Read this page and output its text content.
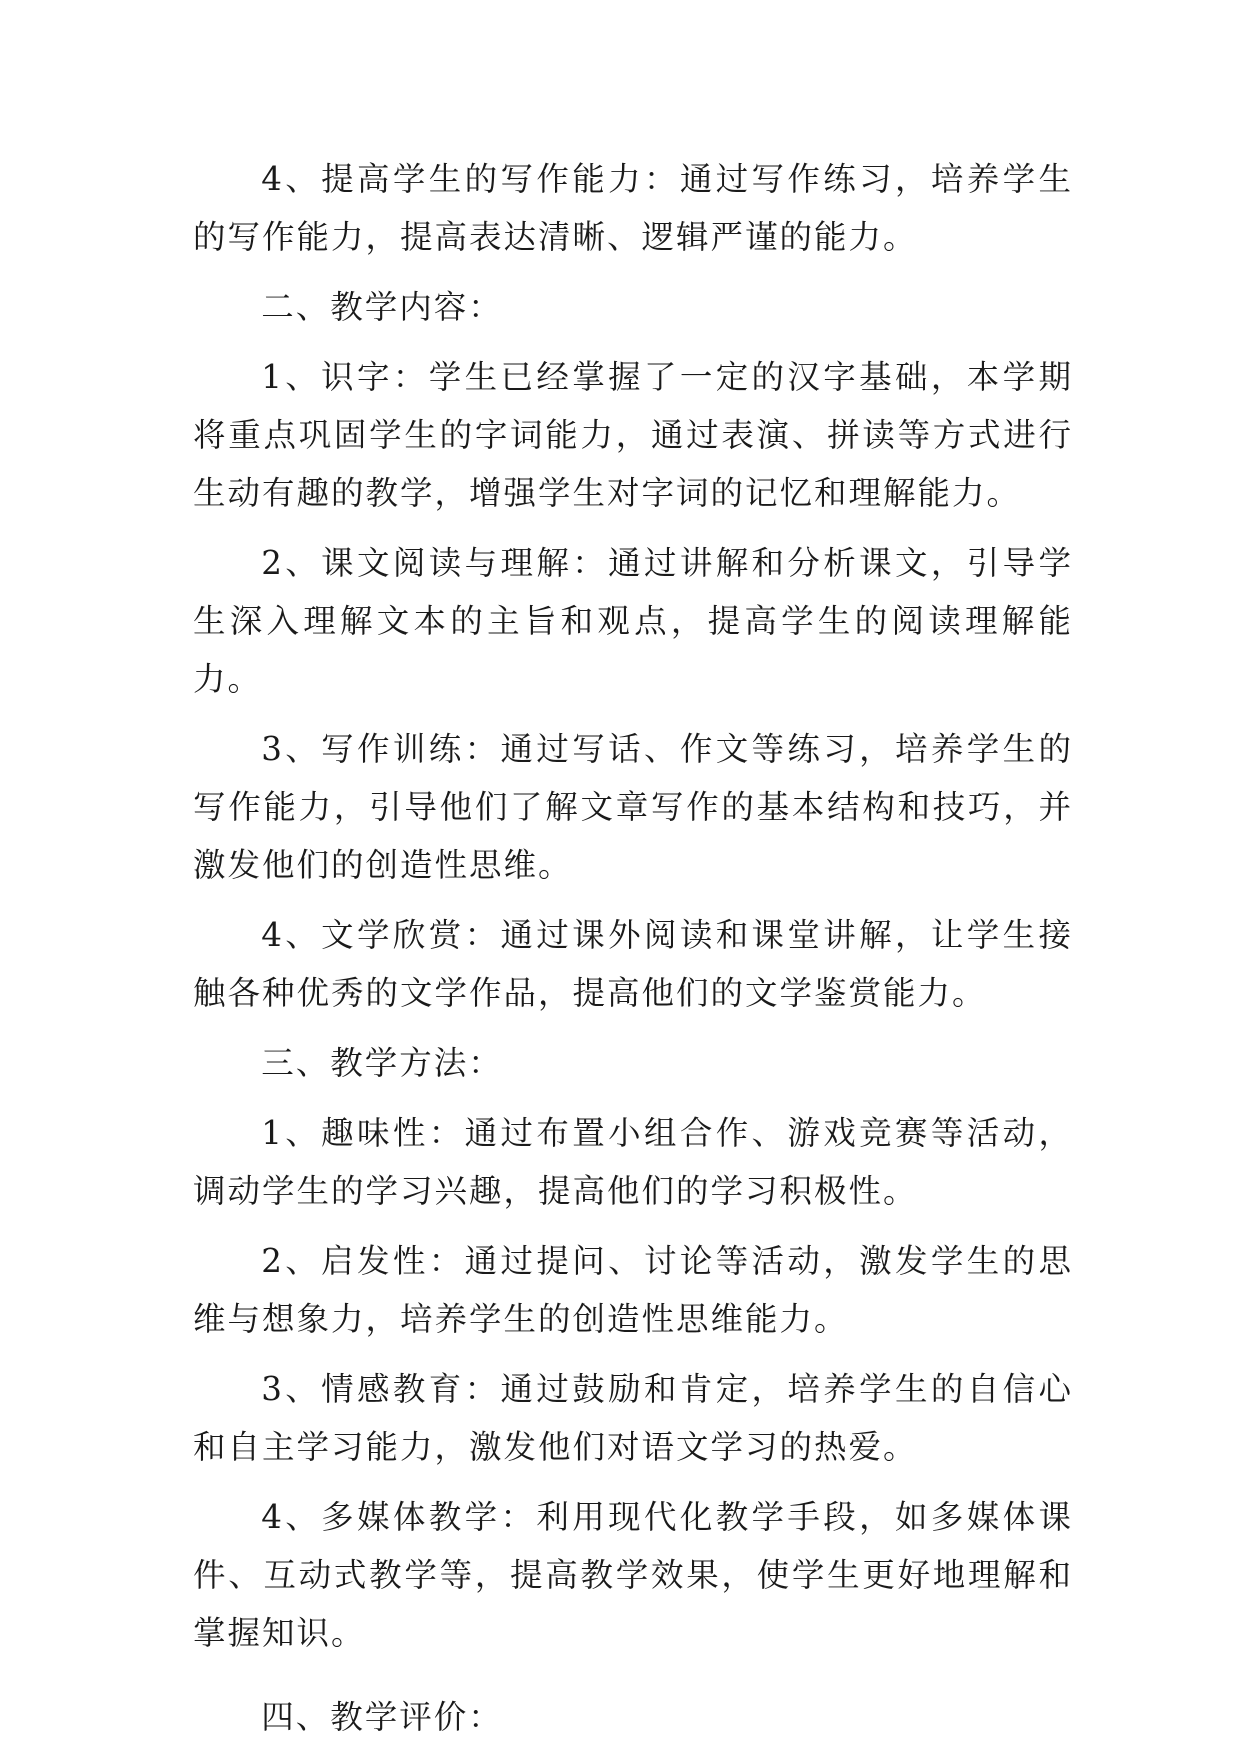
4、提高学生的写作能力：通过写作练习，培养学生的写作能力，提高表达清晰、逻辑严谨的能力。

二、教学内容：

1、识字：学生已经掌握了一定的汉字基础，本学期将重点巩固学生的字词能力，通过表演、拼读等方式进行生动有趣的教学，增强学生对字词的记忆和理解能力。

2、课文阅读与理解：通过讲解和分析课文，引导学生深入理解文本的主旨和观点，提高学生的阅读理解能力。

3、写作训练：通过写话、作文等练习，培养学生的写作能力，引导他们了解文章写作的基本结构和技巧，并激发他们的创造性思维。

4、文学欣赏：通过课外阅读和课堂讲解，让学生接触各种优秀的文学作品，提高他们的文学鉴赏能力。

三、教学方法：

1、趣味性：通过布置小组合作、游戏竞赛等活动，调动学生的学习兴趣，提高他们的学习积极性。

2、启发性：通过提问、讨论等活动，激发学生的思维与想象力，培养学生的创造性思维能力。

3、情感教育：通过鼓励和肯定，培养学生的自信心和自主学习能力，激发他们对语文学习的热爱。

4、多媒体教学：利用现代化教学手段，如多媒体课件、互动式教学等，提高教学效果，使学生更好地理解和掌握知识。

四、教学评价：
